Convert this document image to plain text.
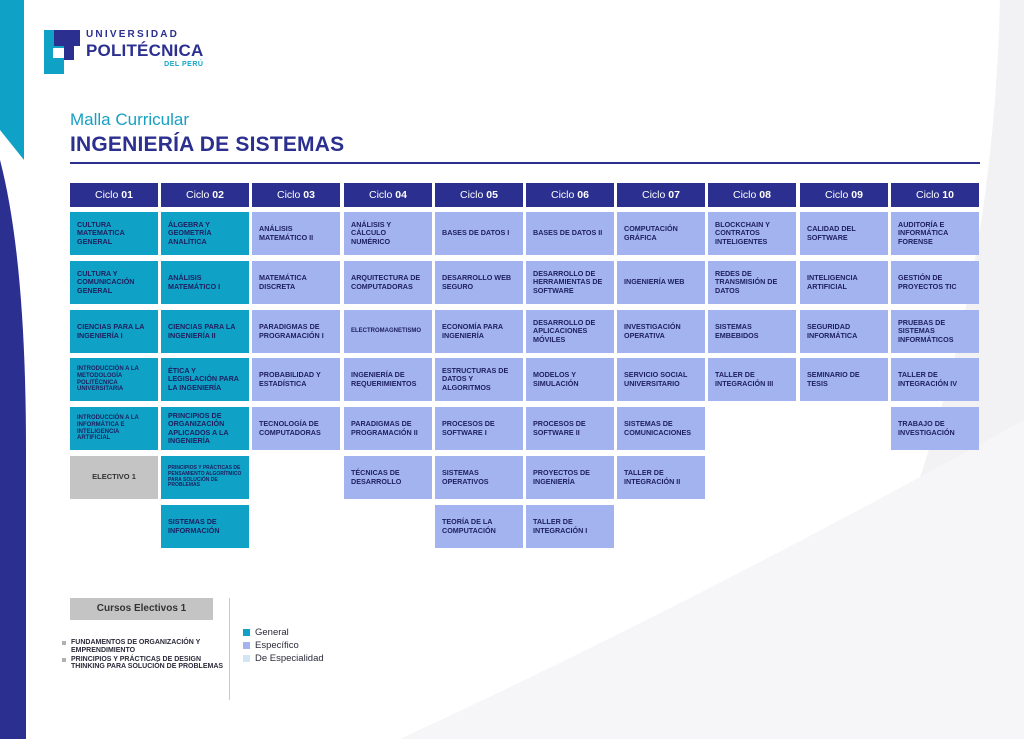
UNIVERSIDAD
POLITÉCNICA
DEL PERÚ
Malla Curricular
INGENIERÍA DE SISTEMAS
Ciclo 01
CULTURA MATEMÁTICA GENERAL
CULTURA Y COMUNICACIÓN GENERAL
CIENCIAS PARA LA INGENIERÍA I
INTRODUCCIÓN A LA METODOLOGÍA POLITÉCNICA UNIVERSITARIA
INTRODUCCIÓN A LA INFORMÁTICA E INTELIGENCIA ARTIFICIAL
ELECTIVO 1
Ciclo 02
ÁLGEBRA Y GEOMETRÍA ANALÍTICA
ANÁLISIS MATEMÁTICO I
CIENCIAS PARA LA INGENIERÍA II
ÉTICA Y LEGISLACIÓN PARA LA INGENIERÍA
PRINCIPIOS DE ORGANIZACIÓN APLICADOS A LA INGENIERÍA
PRINCIPIOS Y PRÁCTICAS DE PENSAMIENTO ALGORÍTMICO PARA SOLUCIÓN DE PROBLEMAS
SISTEMAS DE INFORMACIÓN
Ciclo 03
ANÁLISIS MATEMÁTICO II
MATEMÁTICA DISCRETA
PARADIGMAS DE PROGRAMACIÓN I
PROBABILIDAD Y ESTADÍSTICA
TECNOLOGÍA DE COMPUTADORAS
Ciclo 04
ANÁLISIS Y CÁLCULO NUMÉRICO
ARQUITECTURA DE COMPUTADORAS
ELECTROMAGNETISMO
INGENIERÍA DE REQUERIMIENTOS
PARADIGMAS DE PROGRAMACIÓN II
TÉCNICAS DE DESARROLLO
Ciclo 05
BASES DE DATOS I
DESARROLLO WEB SEGURO
ECONOMÍA PARA INGENIERÍA
ESTRUCTURAS DE DATOS Y ALGORITMOS
PROCESOS DE SOFTWARE I
SISTEMAS OPERATIVOS
TEORÍA DE LA COMPUTACIÓN
Ciclo 06
BASES DE DATOS II
DESARROLLO DE HERRAMIENTAS DE SOFTWARE
DESARROLLO DE APLICACIONES MÓVILES
MODELOS Y SIMULACIÓN
PROCESOS DE SOFTWARE II
PROYECTOS DE INGENIERÍA
TALLER DE INTEGRACIÓN I
Ciclo 07
COMPUTACIÓN GRÁFICA
INGENIERÍA WEB
INVESTIGACIÓN OPERATIVA
SERVICIO SOCIAL UNIVERSITARIO
SISTEMAS DE COMUNICACIONES
TALLER DE INTEGRACIÓN II
Ciclo 08
BLOCKCHAIN Y CONTRATOS INTELIGENTES
REDES DE TRANSMISIÓN DE DATOS
SISTEMAS EMBEBIDOS
TALLER DE INTEGRACIÓN III
Ciclo 09
CALIDAD DEL SOFTWARE
INTELIGENCIA ARTIFICIAL
SEGURIDAD INFORMÁTICA
SEMINARIO DE TESIS
Ciclo 10
AUDITORÍA E INFORMÁTICA FORENSE
GESTIÓN DE PROYECTOS TIC
PRUEBAS DE SISTEMAS INFORMÁTICOS
TALLER DE INTEGRACIÓN IV
TRABAJO DE INVESTIGACIÓN
Cursos Electivos 1
FUNDAMENTOS DE ORGANIZACIÓN Y EMPRENDIMIENTO
PRINCIPIOS Y PRÁCTICAS DE DESIGN THINKING PARA SOLUCIÓN DE PROBLEMAS
General
Específico
De Especialidad
